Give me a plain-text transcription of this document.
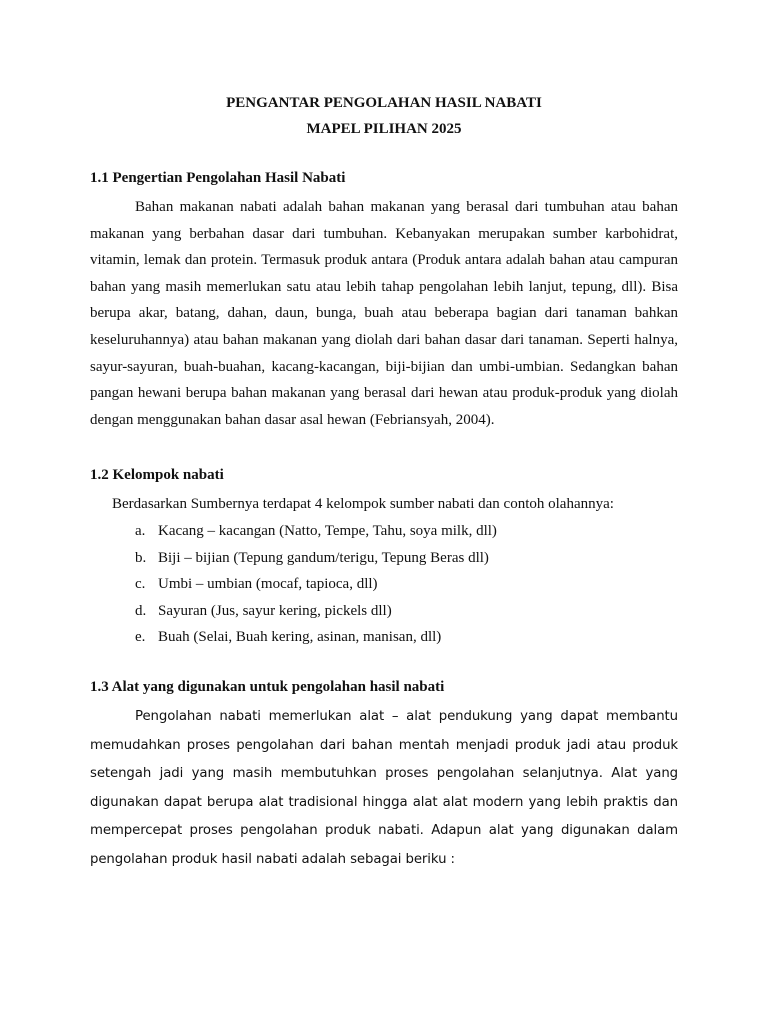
PENGANTAR PENGOLAHAN HASIL NABATI

MAPEL PILIHAN 2025

1.1 Pengertian Pengolahan Hasil Nabati

Bahan makanan nabati adalah bahan makanan yang berasal dari tumbuhan atau bahan makanan yang berbahan dasar dari tumbuhan. Kebanyakan merupakan sumber karbohidrat, vitamin, lemak dan protein. Termasuk produk antara (Produk antara adalah bahan atau campuran bahan yang masih memerlukan satu atau lebih tahap pengolahan lebih lanjut, tepung, dll). Bisa berupa akar, batang, dahan, daun, bunga, buah atau beberapa bagian dari tanaman bahkan keseluruhannya) atau bahan makanan yang diolah dari bahan dasar dari tanaman. Seperti halnya, sayur-sayuran, buah-buahan, kacang-kacangan, biji-bijian dan umbi-umbian. Sedangkan bahan pangan hewani berupa bahan makanan yang berasal dari hewan atau produk-produk yang diolah dengan menggunakan bahan dasar asal hewan (Febriansyah, 2004).

1.2 Kelompok nabati

Berdasarkan Sumbernya terdapat 4 kelompok sumber nabati dan contoh olahannya:

a. Kacang – kacangan (Natto, Tempe, Tahu, soya milk, dll)
b. Biji – bijian (Tepung gandum/terigu, Tepung Beras dll)
c. Umbi – umbian (mocaf, tapioca, dll)
d. Sayuran (Jus, sayur kering, pickels dll)
e. Buah (Selai, Buah kering, asinan, manisan, dll)

1.3 Alat yang digunakan untuk pengolahan hasil nabati

Pengolahan nabati memerlukan alat – alat pendukung yang dapat membantu memudahkan proses pengolahan dari bahan mentah menjadi produk jadi atau produk setengah jadi yang masih membutuhkan proses pengolahan selanjutnya. Alat yang digunakan dapat berupa alat tradisional hingga alat alat modern yang lebih praktis dan mempercepat proses pengolahan produk nabati. Adapun alat yang digunakan dalam pengolahan produk hasil nabati adalah sebagai beriku :
